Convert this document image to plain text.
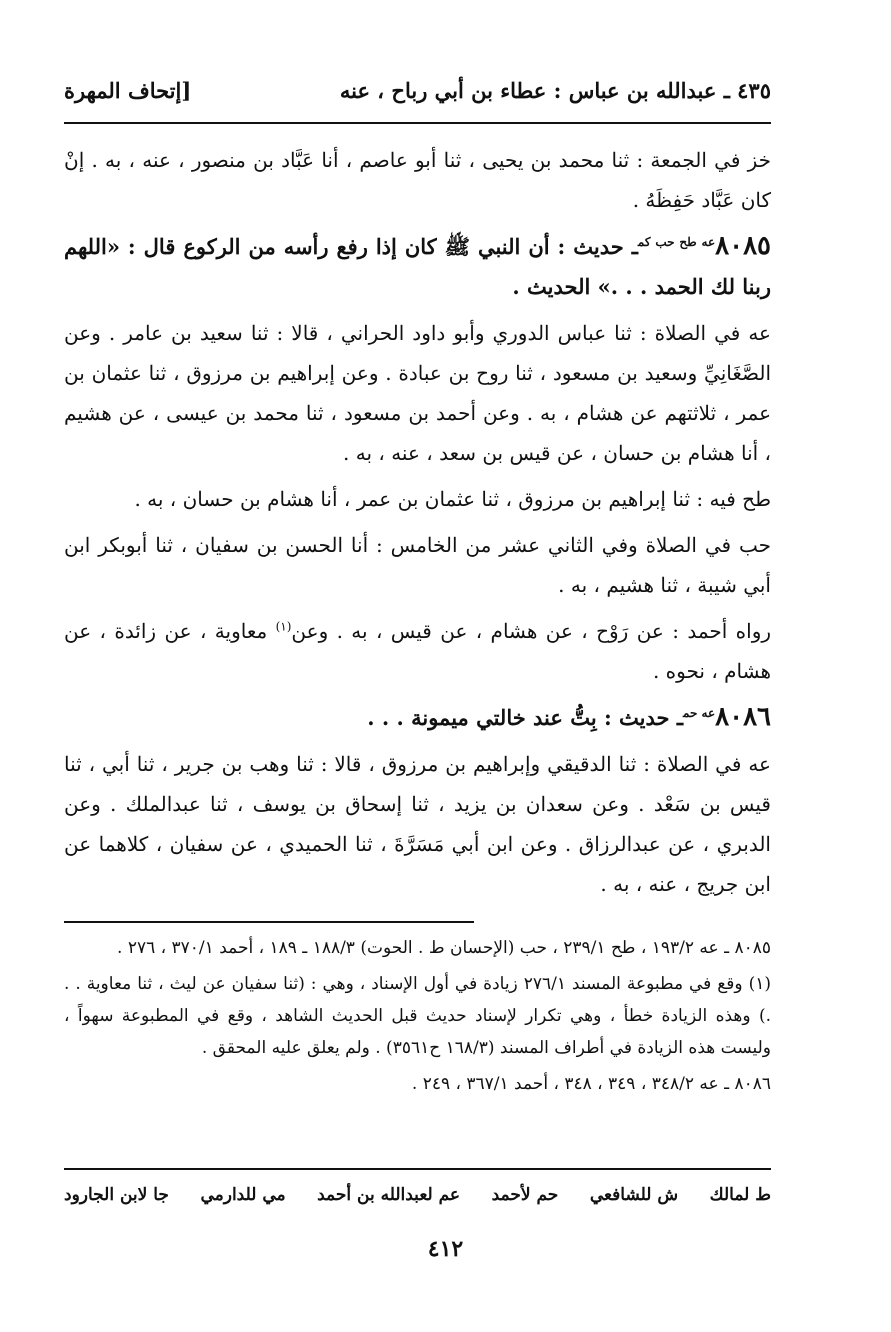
٤٣٥ ـ عبدالله بن عباس : عطاء بن أبي رباح ، عنه
[إتحاف المهرة

خز في الجمعة : ثنا محمد بن يحيى ، ثنا أبو عاصم ، أنا عَبَّاد بن منصور ، عنه ، به . إنْ كان عَبَّاد حَفِظَهُ .

$٨٠٨٥^{عه طح حب كم}ـ$ حديث : أن النبي ﷺ كان إذا رفع رأسه من الركوع قال : «اللهم ربنا لك الحمد . . .» الحديث .

عه في الصلاة : ثنا عباس الدوري وأبو داود الحراني ، قالا : ثنا سعيد بن عامر . وعن الصَّغَانِيِّ وسعيد بن مسعود ، ثنا روح بن عبادة . وعن إبراهيم بن مرزوق ، ثنا عثمان بن عمر ، ثلاثتهم عن هشام ، به . وعن أحمد بن مسعود ، ثنا محمد بن عيسى ، عن هشيم ، أنا هشام بن حسان ، عن قيس بن سعد ، عنه ، به .

طح فيه : ثنا إبراهيم بن مرزوق ، ثنا عثمان بن عمر ، أنا هشام بن حسان ، به .

حب في الصلاة وفي الثاني عشر من الخامس : أنا الحسن بن سفيان ، ثنا أبوبكر ابن أبي شيبة ، ثنا هشيم ، به .

رواه أحمد : عن رَوْح ، عن هشام ، عن قيس ، به . وعن$^{(١)}$ معاوية ، عن زائدة ، عن هشام ، نحوه .

$٨٠٨٦^{عه حم}ـ$ حديث : بِتُّ عند خالتي ميمونة . . .

عه في الصلاة : ثنا الدقيقي وإبراهيم بن مرزوق ، قالا : ثنا وهب بن جرير ، ثنا أبي ، ثنا قيس بن سَعْد . وعن سعدان بن يزيد ، ثنا إسحاق بن يوسف ، ثنا عبدالملك . وعن الدبري ، عن عبدالرزاق . وعن ابن أبي مَسَرَّةَ ، ثنا الحميدي ، عن سفيان ، كلاهما عن ابن جريج ، عنه ، به .

٨٠٨٥ ـ عه ١٩٣/٢ ، طح ٢٣٩/١ ، حب (الإحسان ط . الحوت) ١٨٨/٣ ـ ١٨٩ ، أحمد ٣٧٠/١ ، ٢٧٦ .

(١) وقع في مطبوعة المسند ٢٧٦/١ زيادة في أول الإسناد ، وهي : (ثنا سفيان عن ليث ، ثنا معاوية . . .) وهذه الزيادة خطأ ، وهي تكرار لإسناد حديث قبل الحديث الشاهد ، وقع في المطبوعة سهواً ، وليست هذه الزيادة في أطراف المسند (١٦٨/٣ ح٣٥٦١) . ولم يعلق عليه المحقق .

٨٠٨٦ ـ عه ٣٤٨/٢ ، ٣٤٩ ، ٣٤٨ ، أحمد ٣٦٧/١ ، ٢٤٩ .

ط لمالك
ش للشافعي
حم لأحمد
عم لعبدالله بن أحمد
مي للدارمي
جا لابن الجارود
٤١٢
